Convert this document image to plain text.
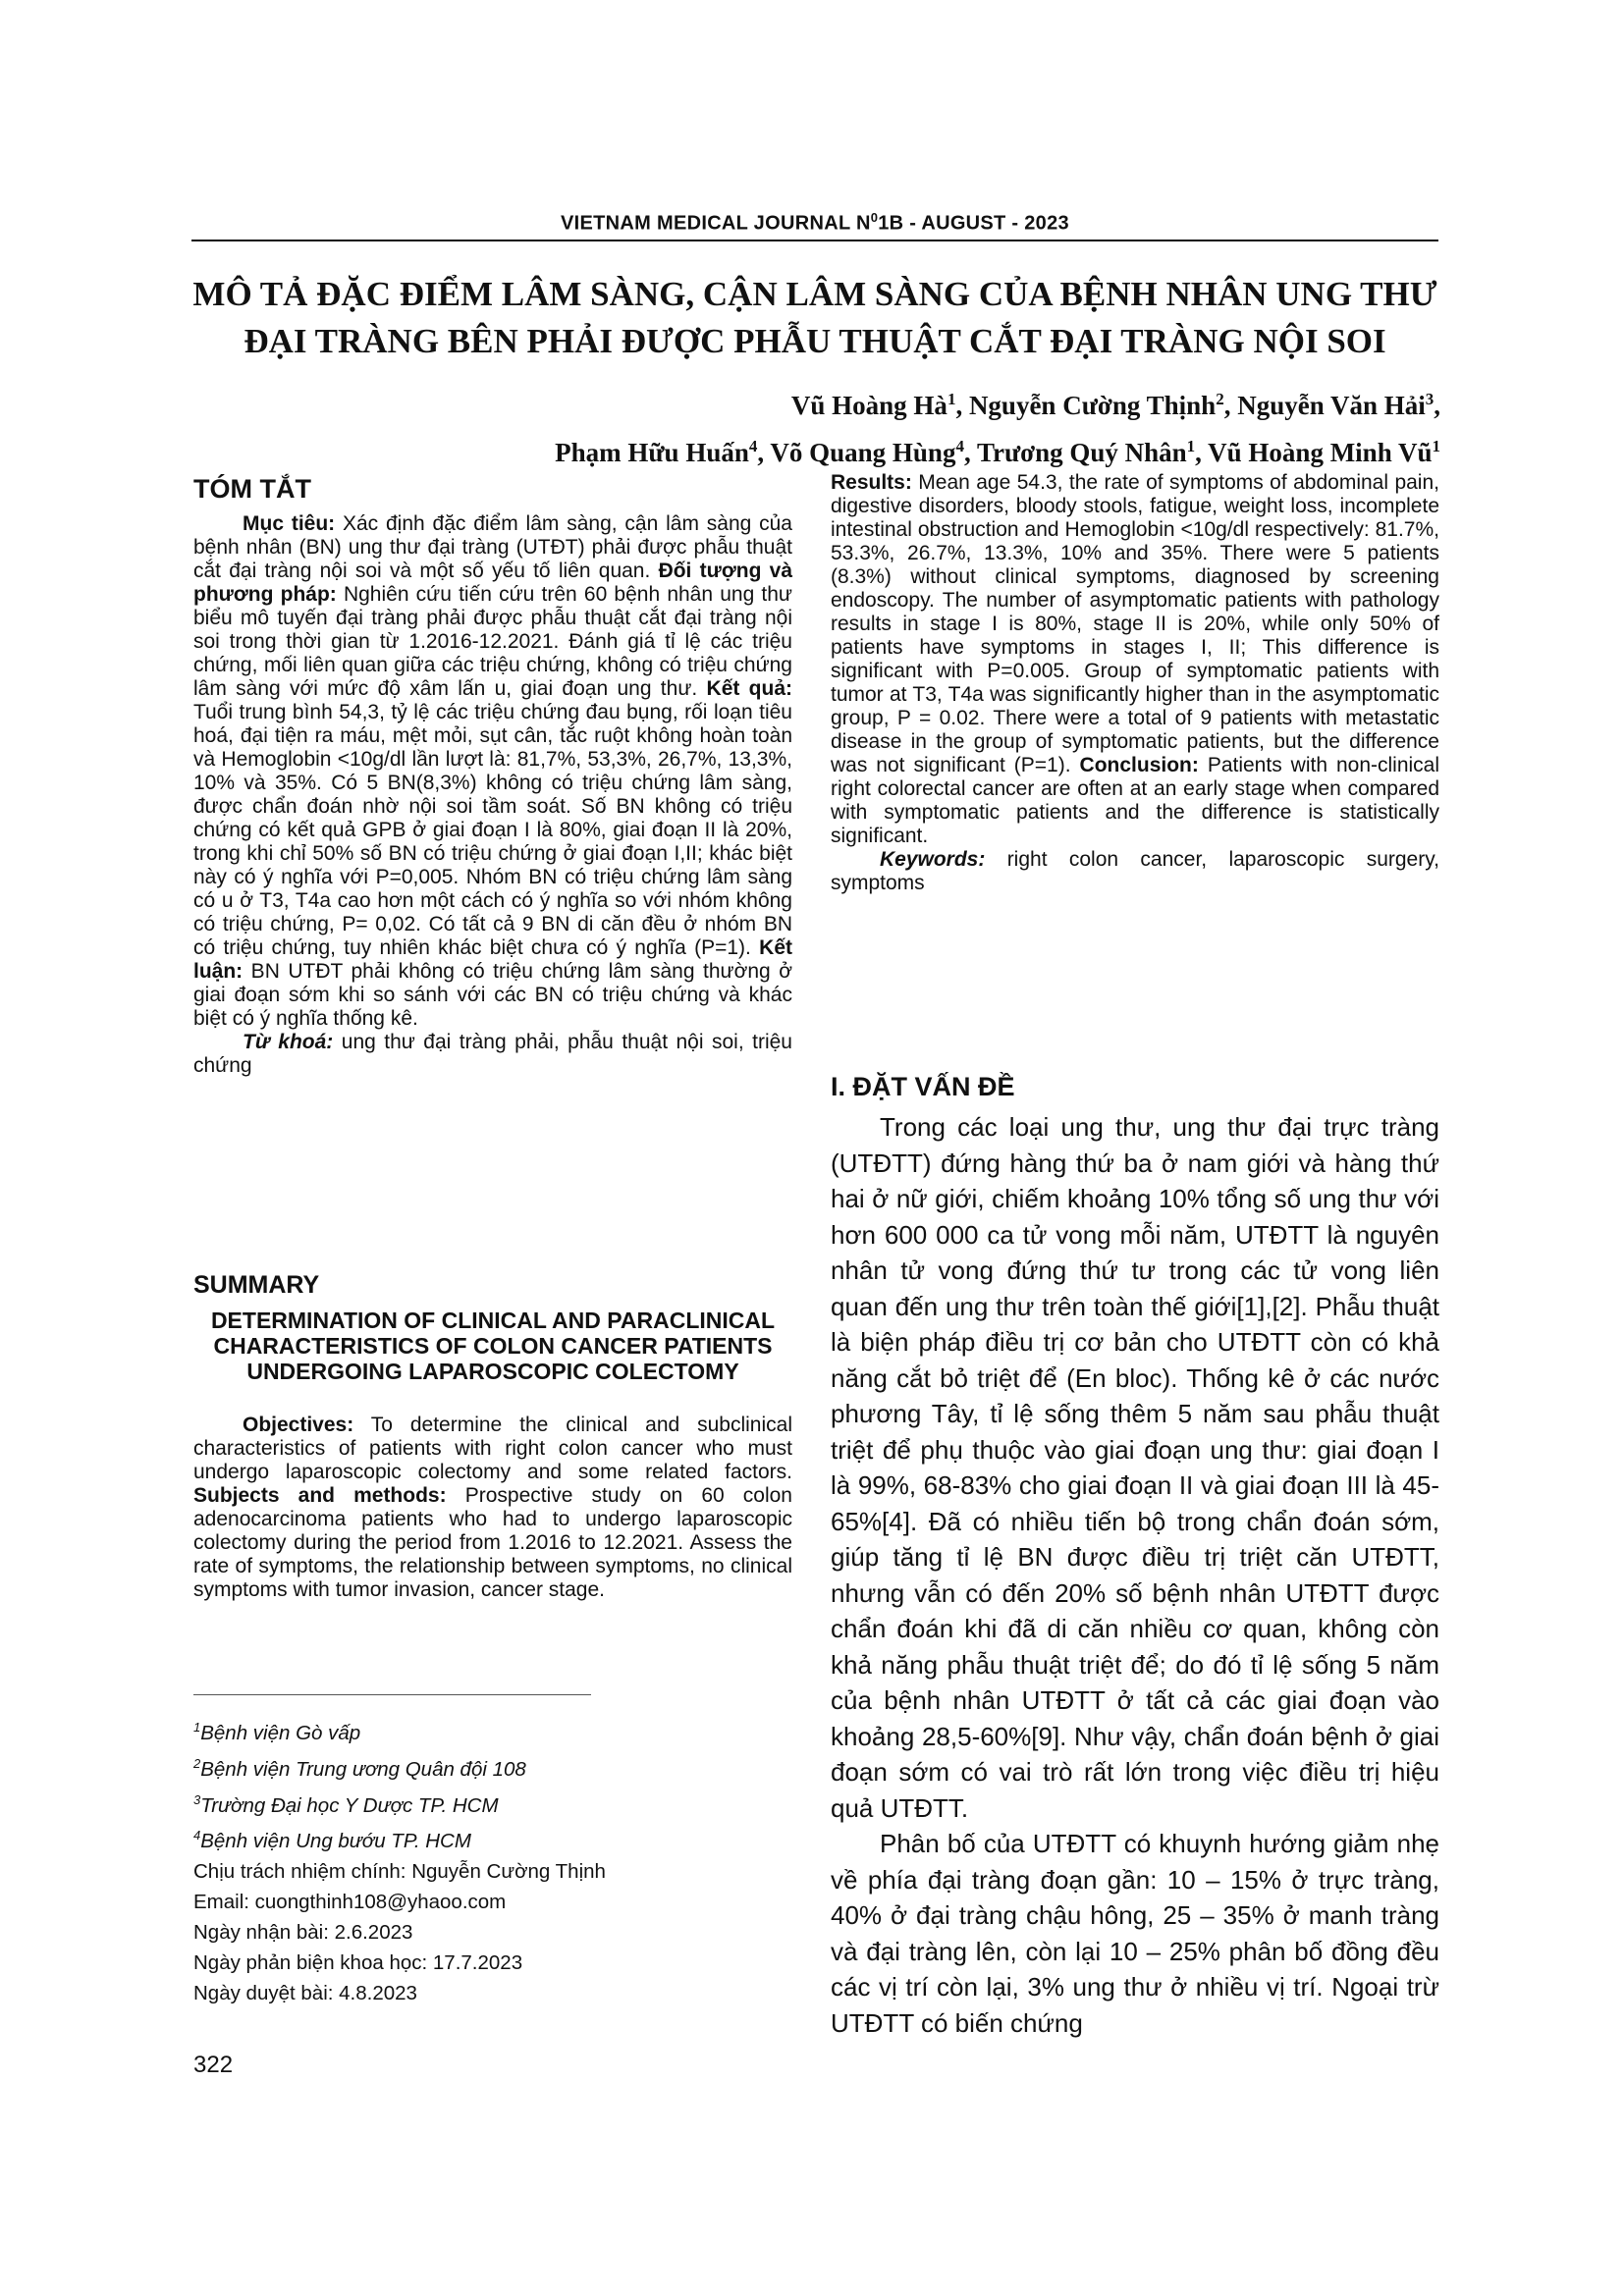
VIETNAM MEDICAL JOURNAL $N^01B$ - AUGUST - 2023
MÔ TẢ ĐẶC ĐIỂM LÂM SÀNG, CẬN LÂM SÀNG CỦA BỆNH NHÂN UNG THƯ
ĐẠI TRÀNG BÊN PHẢI ĐƯỢC PHẪU THUẬT CẮT ĐẠI TRÀNG NỘI SOI
Vũ Hoàng $Hà^1$, Nguyễn Cường Thịnh$^2$, Nguyễn Văn Hải$^3$,
Phạm Hữu Huấn$^4$, Võ Quang Hùng$^4$, Trương Quý Nhân$^1$, Vũ Hoàng Minh $Vũ^1$
TÓM TẮT

Mục tiêu: Xác định đặc điểm lâm sàng, cận lâm sàng của bệnh nhân (BN) ung thư đại tràng (UTĐT) phải được phẫu thuật cắt đại tràng nội soi và một số yếu tố liên quan. Đối tượng và phương pháp: Nghiên cứu tiến cứu trên 60 bệnh nhân ung thư biểu mô tuyến đại tràng phải được phẫu thuật cắt đại tràng nội soi trong thời gian từ 1.2016-12.2021. Đánh giá tỉ lệ các triệu chứng, mối liên quan giữa các triệu chứng, không có triệu chứng lâm sàng với mức độ xâm lấn u, giai đoạn ung thư. Kết quả: Tuổi trung bình 54,3, tỷ lệ các triệu chứng đau bụng, rối loạn tiêu hoá, đại tiện ra máu, mệt mỏi, sụt cân, tắc ruột không hoàn toàn và Hemoglobin <10g/dl lần lượt là: 81,7%, 53,3%, 26,7%, 13,3%, 10% và 35%. Có 5 BN(8,3%) không có triệu chứng lâm sàng, được chẩn đoán nhờ nội soi tầm soát. Số BN không có triệu chứng có kết quả GPB ở giai đoạn I là 80%, giai đoạn II là 20%, trong khi chỉ 50% số BN có triệu chứng ở giai đoạn I,II; khác biệt này có ý nghĩa với P=0,005. Nhóm BN có triệu chứng lâm sàng có u ở T3, T4a cao hơn một cách có ý nghĩa so với nhóm không có triệu chứng, P= 0,02. Có tất cả 9 BN di căn đều ở nhóm BN có triệu chứng, tuy nhiên khác biệt chưa có ý nghĩa (P=1). Kết luận: BN UTĐT phải không có triệu chứng lâm sàng thường ở giai đoạn sớm khi so sánh với các BN có triệu chứng và khác biệt có ý nghĩa thống kê.

Từ khoá: ung thư đại tràng phải, phẫu thuật nội soi, triệu chứng

SUMMARY
DETERMINATION OF CLINICAL AND PARACLINICAL CHARACTERISTICS OF COLON CANCER PATIENTS UNDERGOING LAPAROSCOPIC COLECTOMY

Objectives: To determine the clinical and subclinical characteristics of patients with right colon cancer who must undergo laparoscopic colectomy and some related factors. Subjects and methods: Prospective study on 60 colon adenocarcinoma patients who had to undergo laparoscopic colectomy during the period from 1.2016 to 12.2021. Assess the rate of symptoms, the relationship between symptoms, no clinical symptoms with tumor invasion, cancer stage.

$^1$Bệnh viện Gò vấp
$^2$Bệnh viện Trung ương Quân đội 108
$^3$Trường Đại học Y Dược TP. HCM
$^4$Bệnh viện Ung bướu TP. HCM
Chịu trách nhiệm chính: Nguyễn Cường Thịnh
Email: cuongthinh108@yhaoo.com
Ngày nhận bài: 2.6.2023
Ngày phản biện khoa học: 17.7.2023
Ngày duyệt bài: 4.8.2023

Results: Mean age 54.3, the rate of symptoms of abdominal pain, digestive disorders, bloody stools, fatigue, weight loss, incomplete intestinal obstruction and Hemoglobin <10g/dl respectively: 81.7%, 53.3%, 26.7%, 13.3%, 10% and 35%. There were 5 patients (8.3%) without clinical symptoms, diagnosed by screening endoscopy. The number of asymptomatic patients with pathology results in stage I is 80%, stage II is 20%, while only 50% of patients have symptoms in stages I, II; This difference is significant with P=0.005. Group of symptomatic patients with tumor at T3, T4a was significantly higher than in the asymptomatic group, P = 0.02. There were a total of 9 patients with metastatic disease in the group of symptomatic patients, but the difference was not significant (P=1). Conclusion: Patients with non-clinical right colorectal cancer are often at an early stage when compared with symptomatic patients and the difference is statistically significant.

Keywords: right colon cancer, laparoscopic surgery, symptoms

I. ĐẶT VẤN ĐỀ

Trong các loại ung thư, ung thư đại trực tràng (UTĐTT) đứng hàng thứ ba ở nam giới và hàng thứ hai ở nữ giới, chiếm khoảng 10% tổng số ung thư với hơn 600 000 ca tử vong mỗi năm, UTĐTT là nguyên nhân tử vong đứng thứ tư trong các tử vong liên quan đến ung thư trên toàn thế giới[1],[2]. Phẫu thuật là biện pháp điều trị cơ bản cho UTĐTT còn có khả năng cắt bỏ triệt để (En bloc). Thống kê ở các nước phương Tây, tỉ lệ sống thêm 5 năm sau phẫu thuật triệt để phụ thuộc vào giai đoạn ung thư: giai đoạn I là 99%, 68-83% cho giai đoạn II và giai đoạn III là 45-65%[4]. Đã có nhiều tiến bộ trong chẩn đoán sớm, giúp tăng tỉ lệ BN được điều trị triệt căn UTĐTT, nhưng vẫn có đến 20% số bệnh nhân UTĐTT được chẩn đoán khi đã di căn nhiều cơ quan, không còn khả năng phẫu thuật triệt để; do đó tỉ lệ sống 5 năm của bệnh nhân UTĐTT ở tất cả các giai đoạn vào khoảng 28,5-60%[9]. Như vậy, chẩn đoán bệnh ở giai đoạn sớm có vai trò rất lớn trong việc điều trị hiệu quả UTĐTT.

Phân bố của UTĐTT có khuynh hướng giảm nhẹ về phía đại tràng đoạn gần: 10 – 15% ở trực tràng, 40% ở đại tràng chậu hông, 25 – 35% ở manh tràng và đại tràng lên, còn lại 10 – 25% phân bố đồng đều các vị trí còn lại, 3% ung thư ở nhiều vị trí. Ngoại trừ UTĐTT có biến chứng

322
